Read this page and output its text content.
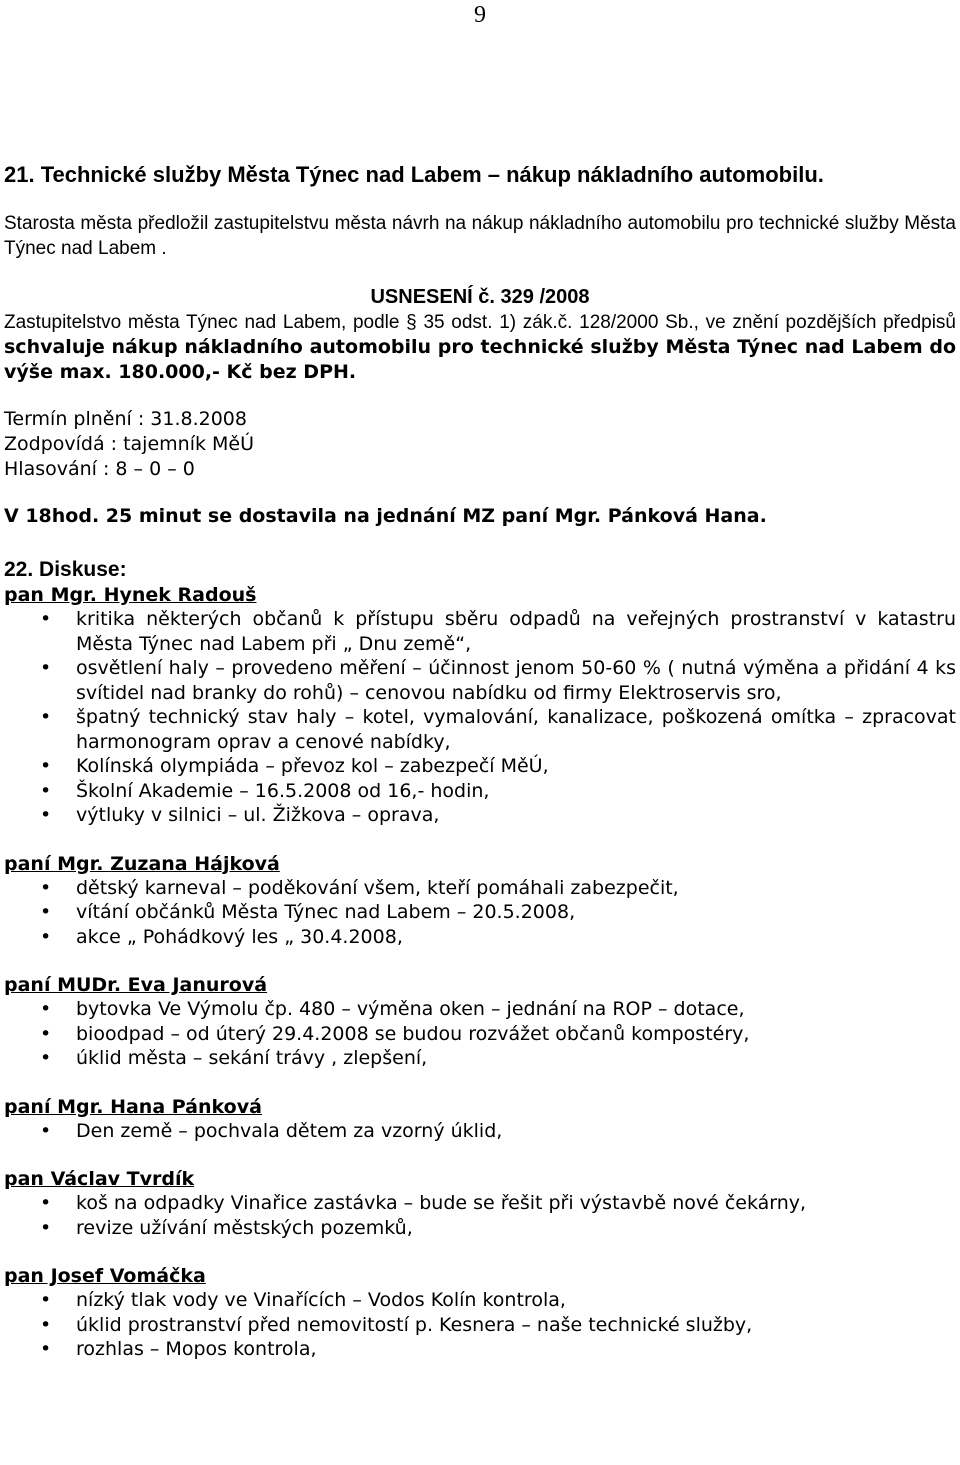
9
21. Technické služby Města Týnec nad Labem – nákup nákladního automobilu.
Starosta města předložil zastupitelstvu města návrh na nákup nákladního automobilu pro technické služby Města Týnec nad Labem .
USNESENÍ č. 329 /2008
Zastupitelstvo města Týnec nad Labem, podle § 35 odst. 1) zák.č. 128/2000 Sb., ve znění pozdějších předpisů schvaluje nákup nákladního automobilu pro technické služby Města Týnec nad Labem do výše max. 180.000,- Kč bez DPH.
Termín plnění : 31.8.2008
Zodpovídá : tajemník MěÚ
Hlasování : 8 – 0 – 0
V 18hod. 25 minut se dostavila na jednání MZ paní Mgr. Pánková Hana.
22. Diskuse:
pan Mgr. Hynek Radouš
• kritika některých občanů k přístupu sběru odpadů na veřejných prostranství v katastru Města Týnec nad Labem při „ Dnu země“,
• osvětlení haly – provedeno měření – účinnost jenom 50-60 % ( nutná výměna a přidání 4 ks svítidel nad branky do rohů) – cenovou nabídku od firmy Elektroservis sro,
• špatný technický stav haly – kotel, vymalování, kanalizace, poškozená omítka – zpracovat harmonogram oprav a cenové nabídky,
• Kolínská olympiáda – převoz kol – zabezpečí MěÚ,
• Školní Akademie – 16.5.2008 od 16,- hodin,
• výtluky v silnici – ul. Žižkova – oprava,
paní Mgr. Zuzana Hájková
• dětský karneval – poděkování všem, kteří pomáhali zabezpečit,
• vítání občánků Města Týnec nad Labem – 20.5.2008,
• akce „ Pohádkový les „ 30.4.2008,
paní MUDr. Eva Janurová
• bytovka Ve Výmolu čp. 480 – výměna oken – jednání na ROP – dotace,
• bioodpad – od úterý 29.4.2008 se budou rozvážet občanů kompostéry,
• úklid města – sekání trávy , zlepšení,
paní Mgr. Hana Pánková
• Den země – pochvala dětem za vzorný úklid,
pan Václav Tvrdík
• koš na odpadky Vinařice zastávka – bude se řešit při výstavbě nové čekárny,
• revize užívání městských pozemků,
pan Josef Vomáčka
• nízký tlak vody ve Vinařících – Vodos Kolín kontrola,
• úklid prostranství před nemovitostí p. Kesnera – naše technické služby,
• rozhlas – Mopos kontrola,
